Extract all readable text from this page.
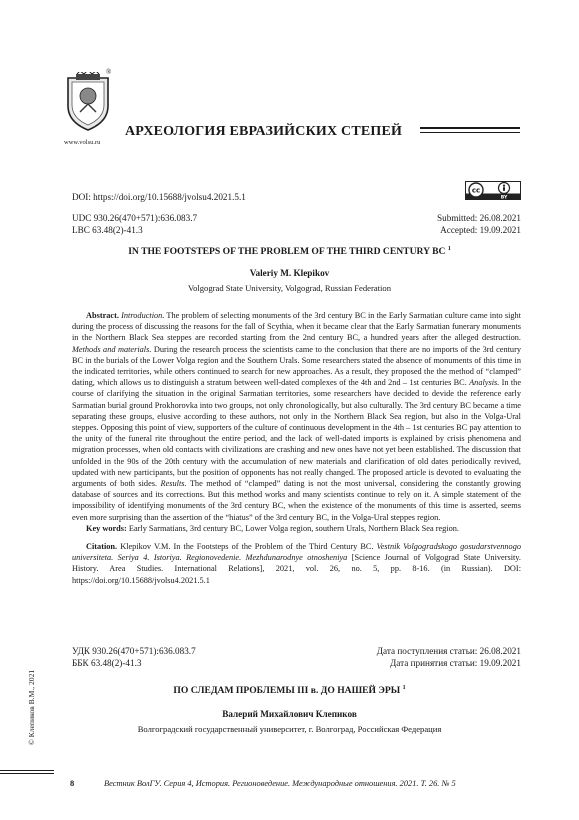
®
www.volsu.ru
АРХЕОЛОГИЯ ЕВРАЗИЙСКИХ СТЕПЕЙ
DOI: https://doi.org/10.15688/jvolsu4.2021.5.1
cc
BY
UDC 930.26(470+571):636.083.7	Submitted: 26.08.2021
LBC 63.48(2)-41.3	Accepted: 19.09.2021
IN THE FOOTSTEPS OF THE PROBLEM OF THE THIRD CENTURY BC $^1$
Valeriy M. Klepikov
Volgograd State University, Volgograd, Russian Federation

Abstract. Introduction. The problem of selecting monuments of the 3rd century BC in the Early Sarmatian culture came into sight during the process of discussing the reasons for the fall of Scythia, when it became clear that the Early Sarmatian funerary monuments in the Northern Black Sea steppes are recorded starting from the 2nd century BC, a hundred years after the alleged destruction. Methods and materials. During the research process the scientists came to the conclusion that there are no imports of the 3rd century BC in the burials of the Lower Volga region and the Southern Urals. Some researchers stated the absence of monuments of this time in the indicated territories, while others continued to search for new approaches. As a result, they proposed the the method of “clamped” dating, which allows us to distinguish a stratum between well-dated complexes of the 4th and 2nd – 1st centuries BC. Analysis. In the course of clarifying the situation in the original Sarmatian territories, some researchers have decided to devide the reference early Sarmatian burial ground Prokhorovka into two groups, not only chronologically, but also culturally. The 3rd century BC became a time separating these groups, elusive according to these authors, not only in the Northern Black Sea region, but also in the Volga-Ural steppes. Opposing this point of view, supporters of the culture of continuous development in the 4th – 1st centuries BC pay attention to the unity of the funeral rite throughout the entire period, and the lack of well-dated imports is explained by crisis phenomena and migration processes, when old contacts with civilizations are crashing and new ones have not yet been established. The discussion that unfolded in the 90s of the 20th century with the accumulation of new materials and clarification of old dates periodically revived, updated with new participants, but the position of opponents has not really changed. The proposed article is devoted to evaluating the arguments of both sides. Results. The method of “clamped” dating is not the most universal, considering the constantly growing database of sources and its corrections. But this method works and many scientists continue to rely on it. A simple statement of the impossibility of identifying monuments of the 3rd century BC, when the existence of the monuments of this time is asserted, seems even more surprising than the assertion of the “hiatus” of the 3rd century BC, in the Volga-Ural steppes region.

Key words: Early Sarmatians, 3rd century BC, Lower Volga region, southern Urals, Northern Black Sea region.

Citation. Klepikov V.M. In the Footsteps of the Problem of the Third Century BC. Vestnik Volgogradskogo gosudarstvennogo universiteta. Seriya 4. Istoriya. Regionovedenie. Mezhdunarodnye otnosheniya [Science Journal of Volgograd State University. History. Area Studies. International Relations], 2021, vol. 26, no. 5, pp. 8-16. (in Russian). DOI: https://doi.org/10.15688/jvolsu4.2021.5.1

УДК 930.26(470+571):636.083.7	Дата поступления статьи: 26.08.2021
ББК 63.48(2)-41.3	Дата принятия статьи: 19.09.2021
ПО СЛЕДАМ ПРОБЛЕМЫ III в. ДО НАШЕЙ ЭРЫ $^1$
Валерий Михайлович Клепиков
Волгоградский государственный университет, г. Волгоград, Российская Федерация
© Клепиков В.М., 2021
8	Вестник ВолГУ. Серия 4, История. Регионоведение. Международные отношения. 2021. Т. 26. № 5
